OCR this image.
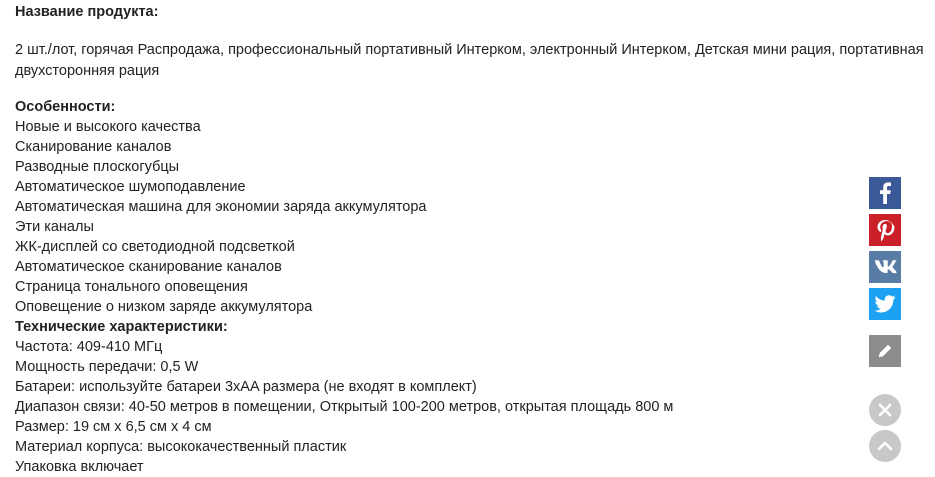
Название продукта:

2 шт./лот, горячая Распродажа, профессиональный портативный Интерком, электронный Интерком, Детская мини рация, портативная двухсторонняя рация

Особенности:

Новые и высокого качества

Сканирование каналов

Разводные плоскогубцы

Автоматическое шумоподавление

Автоматическая машина для экономии заряда аккумулятора

Эти каналы

ЖК-дисплей со светодиодной подсветкой

Автоматическое сканирование каналов

Страница тонального оповещения

Оповещение о низком заряде аккумулятора

Технические характеристики:

Частота: 409-410 МГц

Мощность передачи: 0,5 W

Батареи: используйте батареи 3xAA размера (не входят в комплект)

Диапазон связи: 40-50 метров в помещении, Открытый 100-200 метров, открытая площадь 800 м

Размер: 19 см х 6,5 см х 4 см

Материал корпуса: высококачественный пластик

Упаковка включает
